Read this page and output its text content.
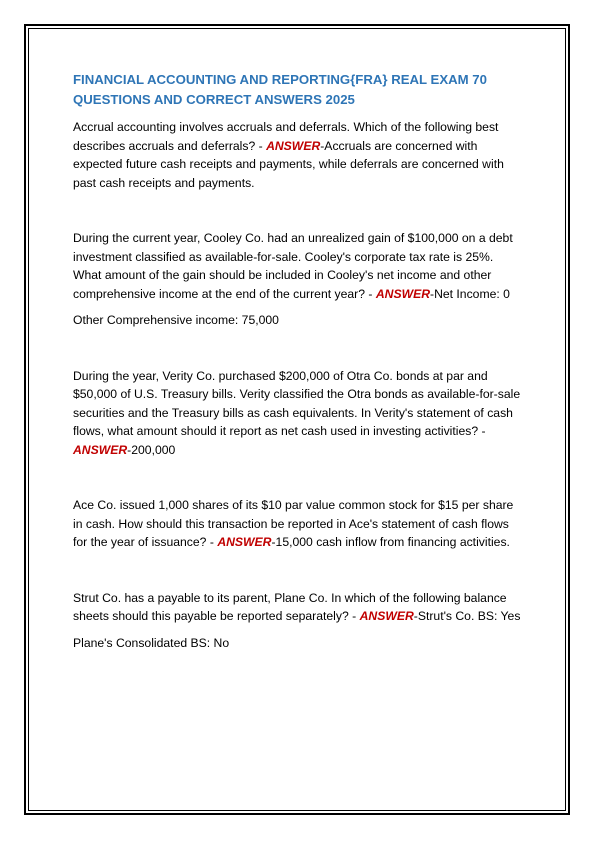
FINANCIAL ACCOUNTING AND REPORTING{FRA} REAL EXAM 70 QUESTIONS AND CORRECT ANSWERS 2025

Accrual accounting involves accruals and deferrals. Which of the following best describes accruals and deferrals? - ANSWER-Accruals are concerned with expected future cash receipts and payments, while deferrals are concerned with past cash receipts and payments.

During the current year, Cooley Co. had an unrealized gain of $100,000 on a debt investment classified as available-for-sale. Cooley's corporate tax rate is 25%. What amount of the gain should be included in Cooley's net income and other comprehensive income at the end of the current year? - ANSWER-Net Income: 0

Other Comprehensive income: 75,000

During the year, Verity Co. purchased $200,000 of Otra Co. bonds at par and $50,000 of U.S. Treasury bills. Verity classified the Otra bonds as available-for-sale securities and the Treasury bills as cash equivalents. In Verity's statement of cash flows, what amount should it report as net cash used in investing activities? - ANSWER-200,000

Ace Co. issued 1,000 shares of its $10 par value common stock for $15 per share in cash. How should this transaction be reported in Ace's statement of cash flows for the year of issuance? - ANSWER-15,000 cash inflow from financing activities.

Strut Co. has a payable to its parent, Plane Co. In which of the following balance sheets should this payable be reported separately? - ANSWER-Strut's Co. BS: Yes

Plane's Consolidated BS: No
